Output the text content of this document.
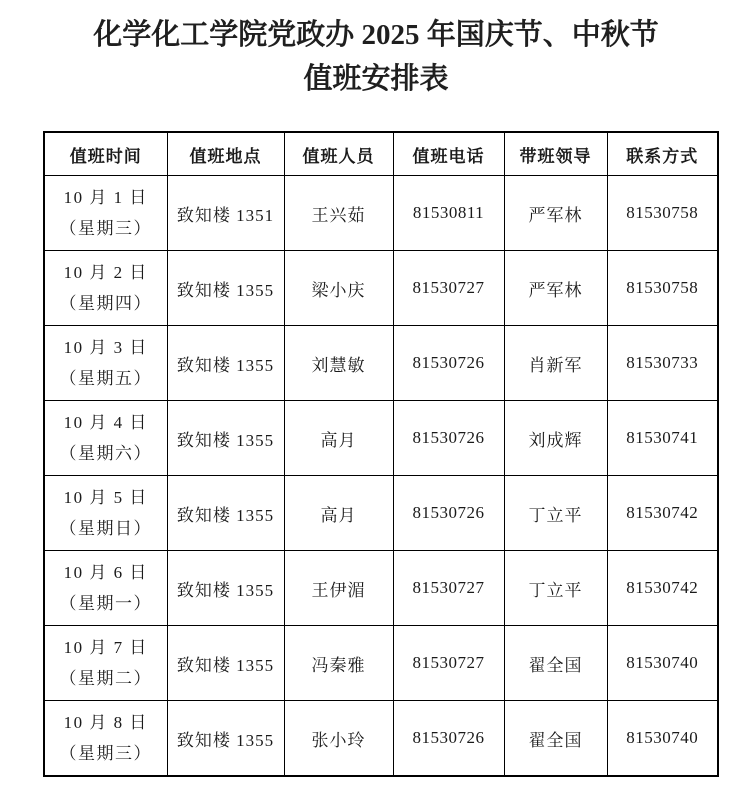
化学化工学院党政办 2025 年国庆节、中秋节
值班安排表
值班时间	值班地点	值班人员	值班电话	带班领导	联系方式

10 月 1 日
（星期三）	致知楼 1351	王兴茹	81530811	严军林	81530758

10 月 2 日
（星期四）	致知楼 1355	梁小庆	81530727	严军林	81530758

10 月 3 日
（星期五）	致知楼 1355	刘慧敏	81530726	肖新军	81530733

10 月 4 日
（星期六）	致知楼 1355	高月	81530726	刘成辉	81530741

10 月 5 日
（星期日）	致知楼 1355	高月	81530726	丁立平	81530742

10 月 6 日
（星期一）	致知楼 1355	王伊湄	81530727	丁立平	81530742

10 月 7 日
（星期二）	致知楼 1355	冯秦雅	81530727	翟全国	81530740

10 月 8 日
（星期三）	致知楼 1355	张小玲	81530726	翟全国	81530740
